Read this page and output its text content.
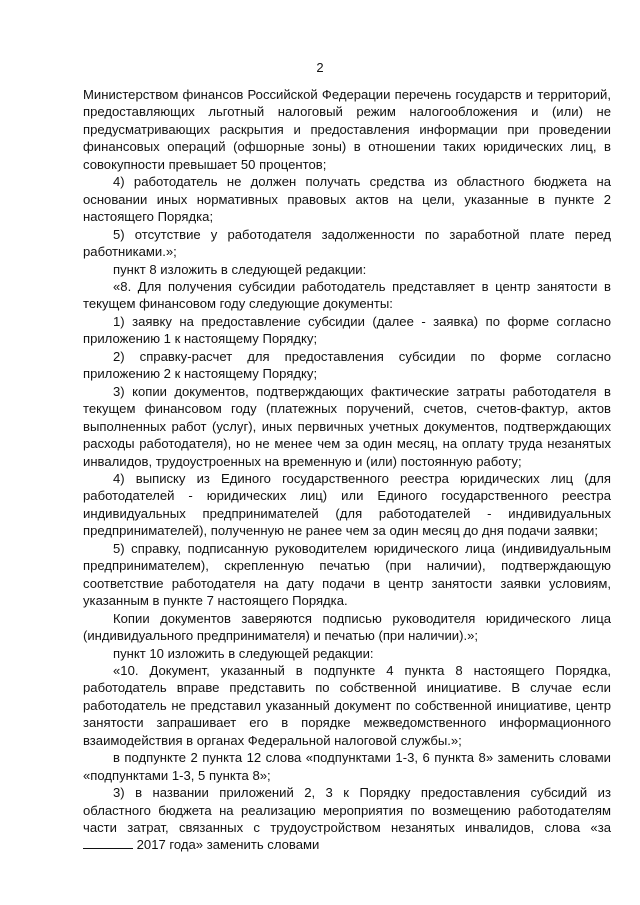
2

Министерством финансов Российской Федерации перечень государств и территорий, предоставляющих льготный налоговый режим налогообложения и (или) не предусматривающих раскрытия и предоставления информации при проведении финансовых операций (офшорные зоны) в отношении таких юридических лиц, в совокупности превышает 50 процентов;

4) работодатель не должен получать средства из областного бюджета на основании иных нормативных правовых актов на цели, указанные в пункте 2 настоящего Порядка;

5) отсутствие у работодателя задолженности по заработной плате перед работниками.»;

пункт 8 изложить в следующей редакции:

«8. Для получения субсидии работодатель представляет в центр занятости в текущем финансовом году следующие документы:

1) заявку на предоставление субсидии (далее - заявка) по форме согласно приложению 1 к настоящему Порядку;

2) справку-расчет для предоставления субсидии по форме согласно приложению 2 к настоящему Порядку;

3) копии документов, подтверждающих фактические затраты работодателя в текущем финансовом году (платежных поручений, счетов, счетов-фактур, актов выполненных работ (услуг), иных первичных учетных документов, подтверждающих расходы работодателя), но не менее чем за один месяц, на оплату труда незанятых инвалидов, трудоустроенных на временную и (или) постоянную работу;

4) выписку из Единого государственного реестра юридических лиц (для работодателей - юридических лиц) или Единого государственного реестра индивидуальных предпринимателей (для работодателей - индивидуальных предпринимателей), полученную не ранее чем за один месяц до дня подачи заявки;

5) справку, подписанную руководителем юридического лица (индивидуальным предпринимателем), скрепленную печатью (при наличии), подтверждающую соответствие работодателя на дату подачи в центр занятости заявки условиям, указанным в пункте 7 настоящего Порядка.

Копии документов заверяются подписью руководителя юридического лица (индивидуального предпринимателя) и печатью (при наличии).»;

пункт 10 изложить в следующей редакции:

«10. Документ, указанный в подпункте 4 пункта 8 настоящего Порядка, работодатель вправе представить по собственной инициативе. В случае если работодатель не представил указанный документ по собственной инициативе, центр занятости запрашивает его в порядке межведомственного информационного взаимодействия в органах Федеральной налоговой службы.»;

в подпункте 2 пункта 12 слова «подпунктами 1-3, 6 пункта 8» заменить словами «подпунктами 1-3, 5 пункта 8»;

3) в названии приложений 2, 3 к Порядку предоставления субсидий из областного бюджета на реализацию мероприятия по возмещению работодателям части затрат, связанных с трудоустройством незанятых инвалидов, слова «за  2017 года» заменить словами
